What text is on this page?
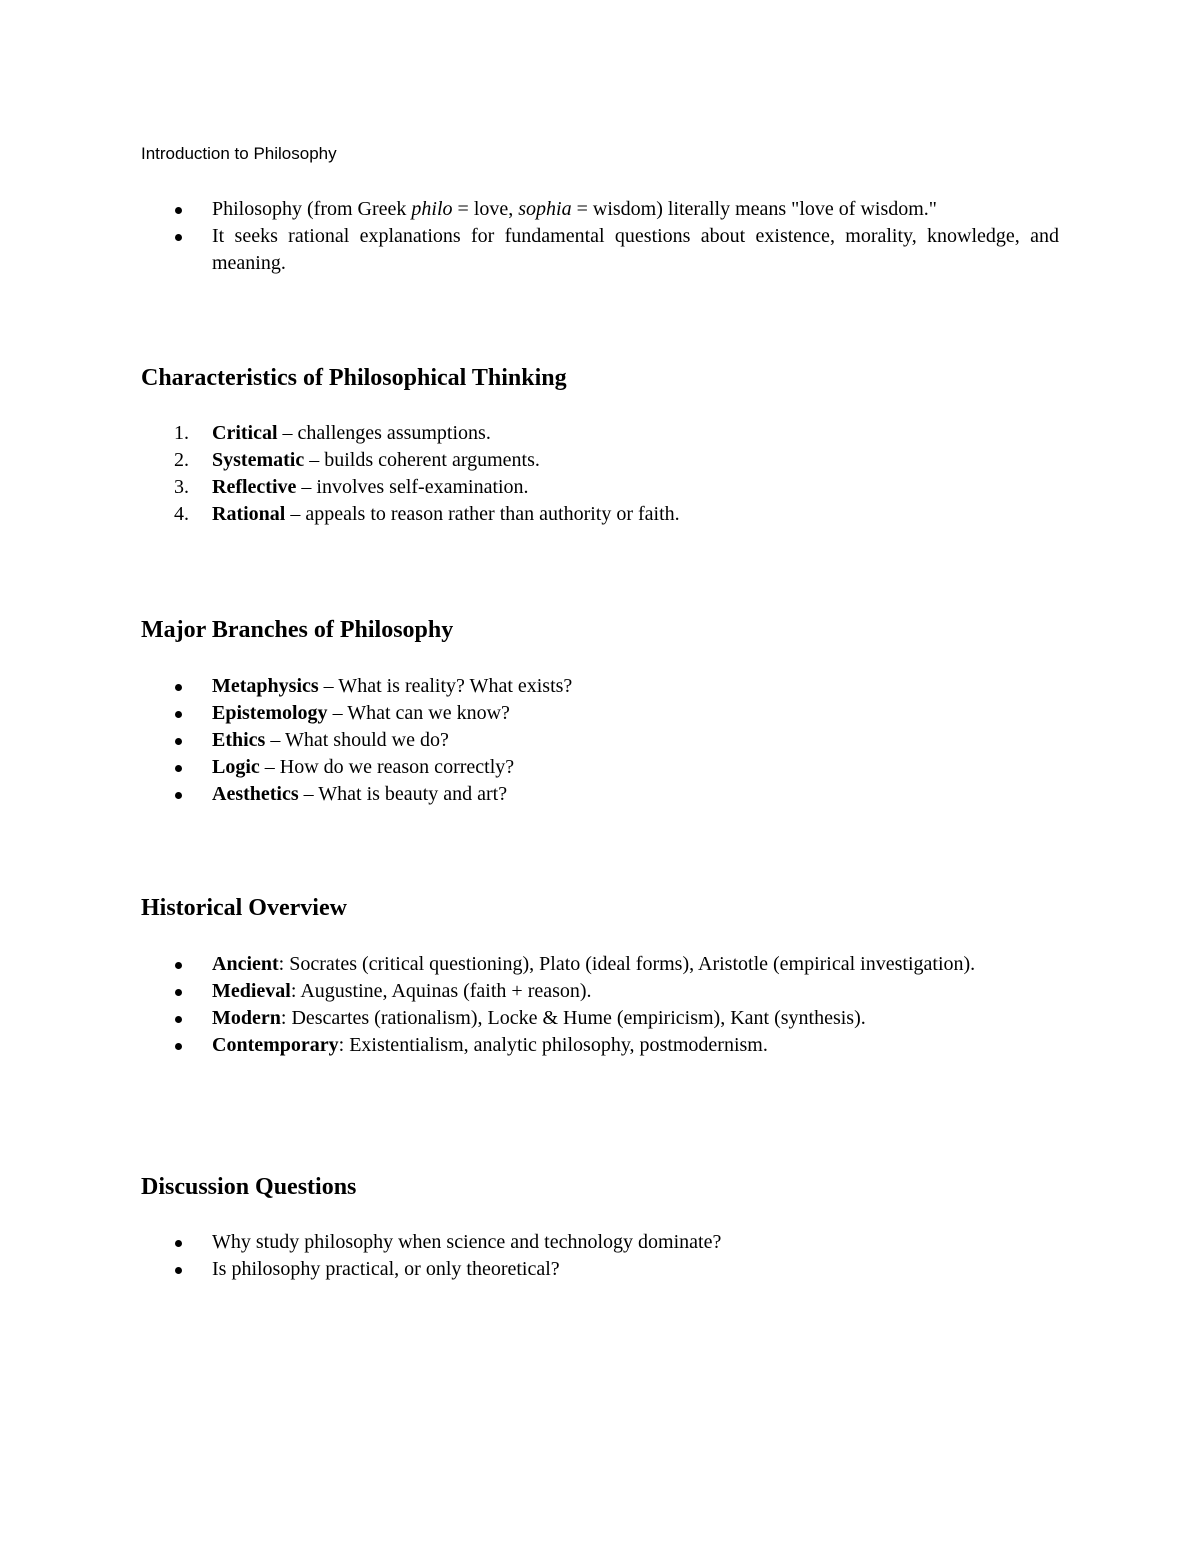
Introduction to Philosophy
Philosophy (from Greek philo = love, sophia = wisdom) literally means "love of wisdom."
It seeks rational explanations for fundamental questions about existence, morality, knowledge, and meaning.
Characteristics of Philosophical Thinking
1.	Critical – challenges assumptions.
2.	Systematic – builds coherent arguments.
3.	Reflective – involves self-examination.
4.	Rational – appeals to reason rather than authority or faith.
Major Branches of Philosophy
Metaphysics – What is reality? What exists?
Epistemology – What can we know?
Ethics – What should we do?
Logic – How do we reason correctly?
Aesthetics – What is beauty and art?
Historical Overview
Ancient: Socrates (critical questioning), Plato (ideal forms), Aristotle (empirical investigation).
Medieval: Augustine, Aquinas (faith + reason).
Modern: Descartes (rationalism), Locke & Hume (empiricism), Kant (synthesis).
Contemporary: Existentialism, analytic philosophy, postmodernism.
Discussion Questions
Why study philosophy when science and technology dominate?
Is philosophy practical, or only theoretical?
